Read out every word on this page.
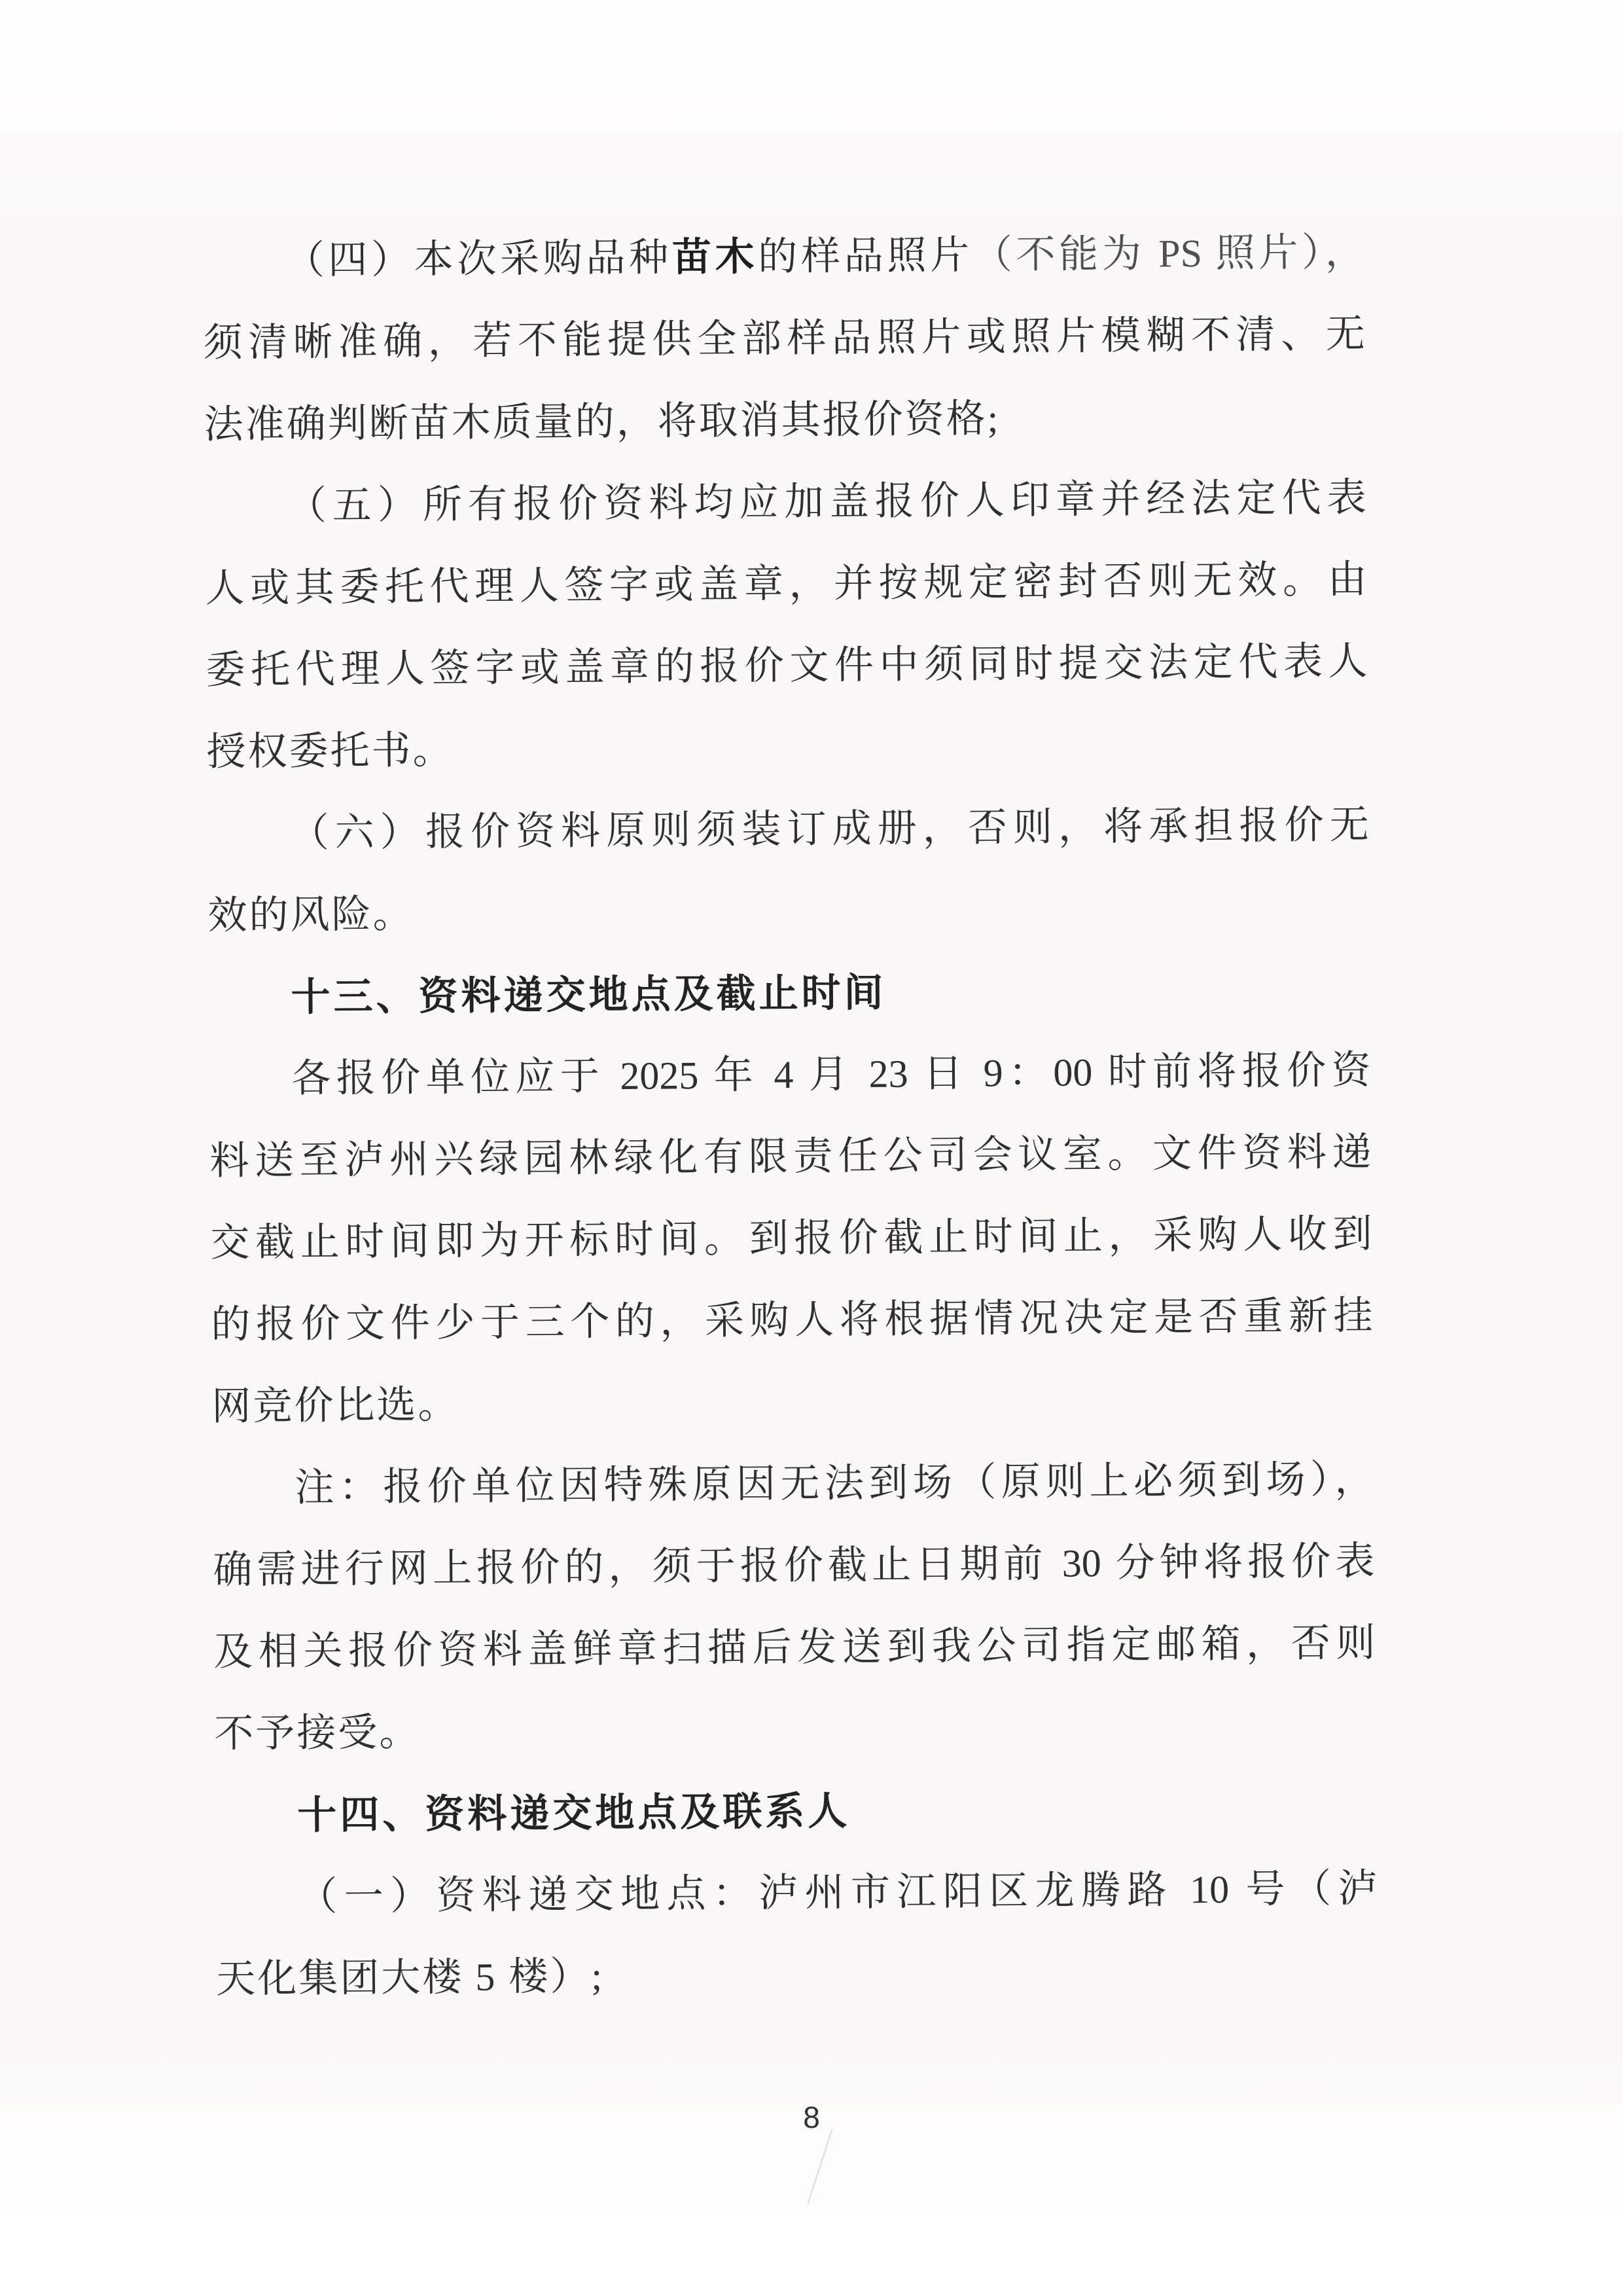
（四）本次采购品种苗木的样品照片（不能为 PS 照片），
须清晰准确，若不能提供全部样品照片或照片模糊不清、无
法准确判断苗木质量的，将取消其报价资格;
（五）所有报价资料均应加盖报价人印章并经法定代表
人或其委托代理人签字或盖章，并按规定密封否则无效。由
委托代理人签字或盖章的报价文件中须同时提交法定代表人
授权委托书。
（六）报价资料原则须装订成册，否则，将承担报价无
效的风险。
十三、资料递交地点及截止时间
各报价单位应于 2025 年 4 月 23 日 9：00 时前将报价资
料送至泸州兴绿园林绿化有限责任公司会议室。文件资料递
交截止时间即为开标时间。到报价截止时间止，采购人收到
的报价文件少于三个的，采购人将根据情况决定是否重新挂
网竞价比选。
注：报价单位因特殊原因无法到场（原则上必须到场），
确需进行网上报价的，须于报价截止日期前 30 分钟将报价表
及相关报价资料盖鲜章扫描后发送到我公司指定邮箱，否则
不予接受。
十四、资料递交地点及联系人
（一）资料递交地点：泸州市江阳区龙腾路 10 号（泸
天化集团大楼 5 楼）;
8
